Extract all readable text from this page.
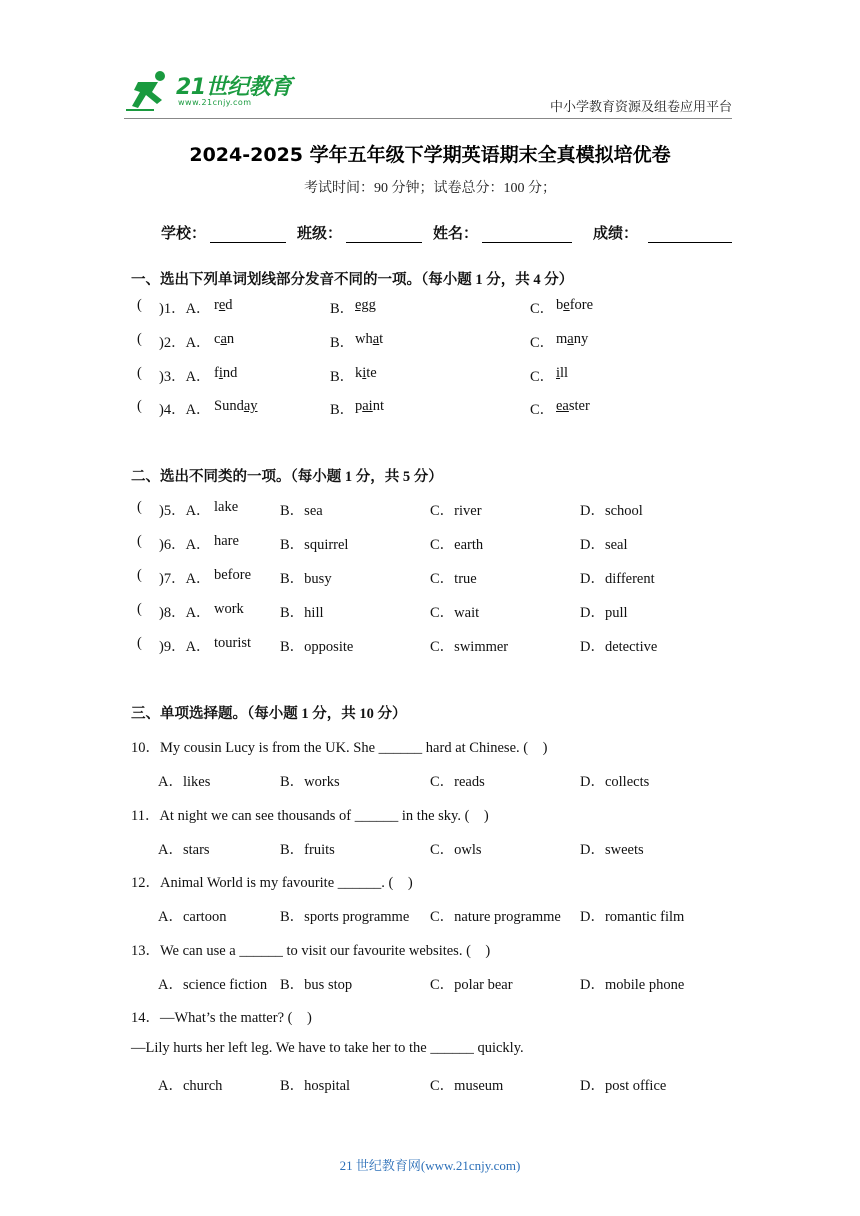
21世纪教育
www.21cnjy.com	中小学教育资源及组卷应用平台
2024-2025 学年五年级下学期英语期末全真模拟培优卷
考试时间：90 分钟；试卷总分：100 分；
学校：	班级：	姓名：	成绩：
一、选出下列单词划线部分发音不同的一项。（每小题 1 分，共 4 分）
( )1．A． red	B． egg	C． before
( )2．A． can	B． what	C． many
( )3．A． find	B． kite	C． ill
( )4．A． Sunday	B． paint	C． easter
二、选出不同类的一项。（每小题 1 分，共 5 分）
( )5．A． lake	B．sea	C．river	D．school
( )6．A． hare	B．squirrel	C．earth	D．seal
( )7．A． before B．busy	C．true	D．different
( )8．A． work B．hill	C．wait	D．pull
( )9．A． tourist B．opposite	C．swimmer	D．detective
三、单项选择题。（每小题 1 分，共 10 分）
10．My cousin Lucy is from the UK. She ______ hard at Chinese. (　)
A．likes	B．works	C．reads	D．collects
11．At night we can see thousands of ______ in the sky. (　)
A．stars	B．fruits	C．owls	D．sweets
12．Animal World is my favourite ______. (　)
A．cartoon	B．sports programme C．nature programme D．romantic film
13．We can use a ______ to visit our favourite websites. (　)
A．science fiction B．bus stop	C．polar bear	D．mobile phone
14．—What’s the matter? (　)
—Lily hurts her left leg. We have to take her to the ______ quickly.
A．church	B．hospital	C．museum	D．post office
21 世纪教育网(www.21cnjy.com)
